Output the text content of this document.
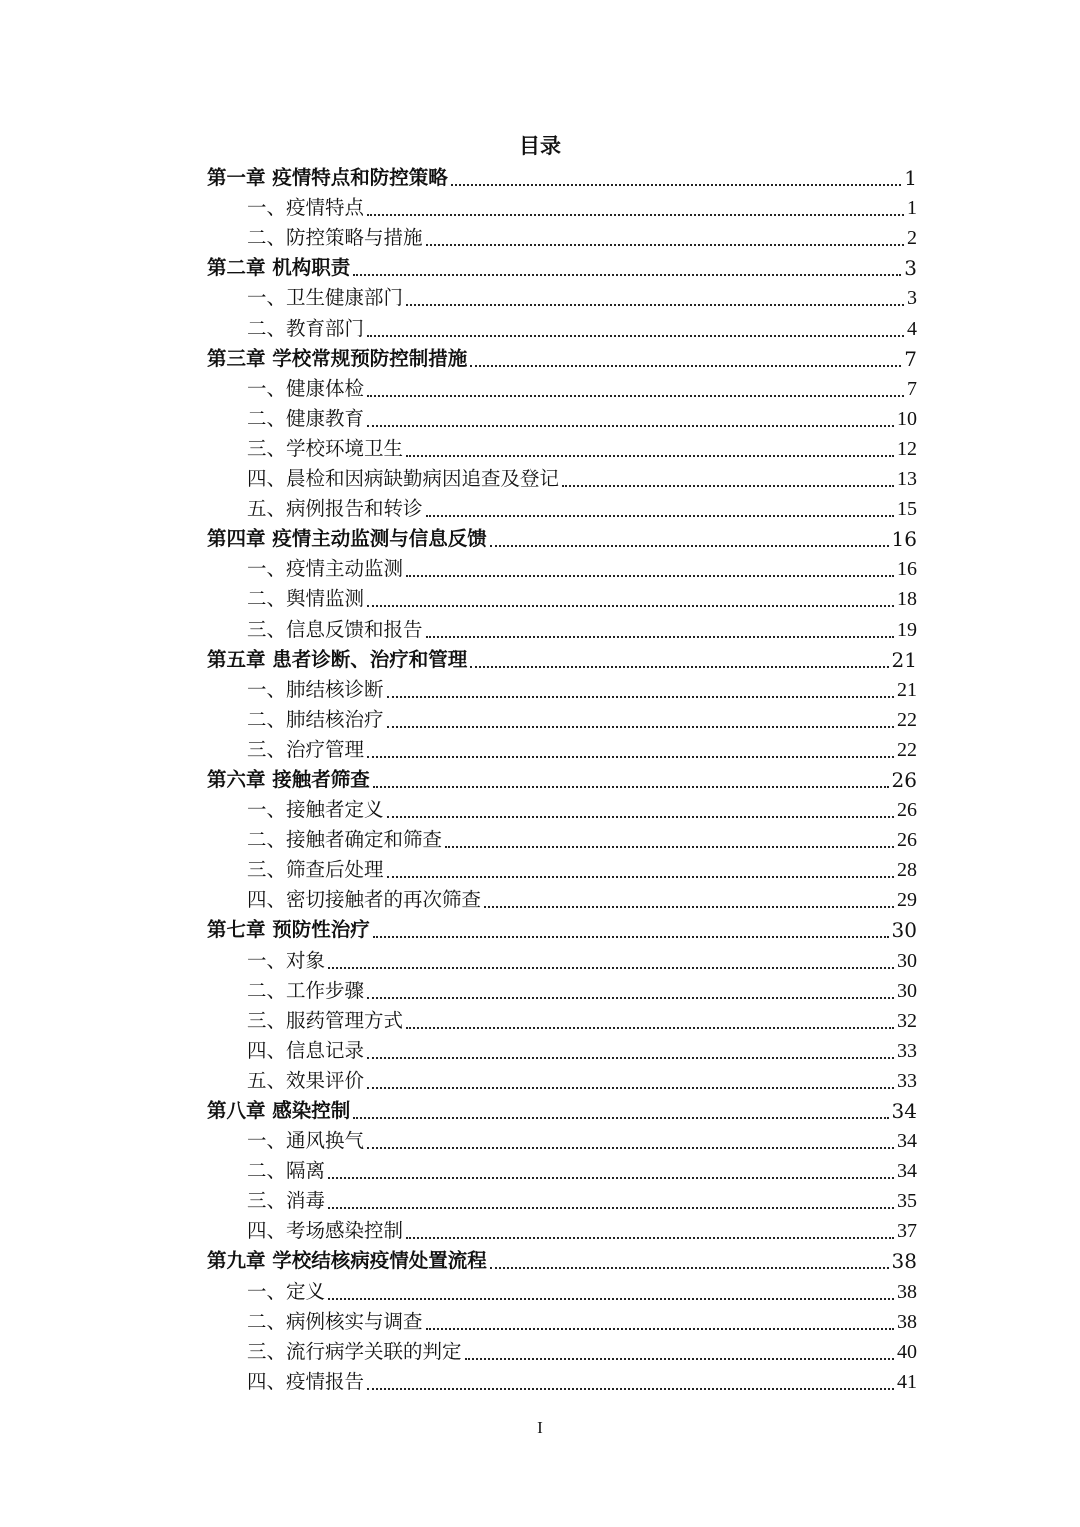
目录
第一章 疫情特点和防控策略	1
一、疫情特点	1
二、防控策略与措施	2
第二章 机构职责	3
一、卫生健康部门	3
二、教育部门	4
第三章 学校常规预防控制措施	7
一、健康体检	7
二、健康教育	10
三、学校环境卫生	12
四、晨检和因病缺勤病因追查及登记	13
五、病例报告和转诊	15
第四章 疫情主动监测与信息反馈	16
一、疫情主动监测	16
二、舆情监测	18
三、信息反馈和报告	19
第五章 患者诊断、治疗和管理	21
一、肺结核诊断	21
二、肺结核治疗	22
三、治疗管理	22
第六章 接触者筛查	26
一、接触者定义	26
二、接触者确定和筛查	26
三、筛查后处理	28
四、密切接触者的再次筛查	29
第七章 预防性治疗	30
一、对象	30
二、工作步骤	30
三、服药管理方式	32
四、信息记录	33
五、效果评价	33
第八章 感染控制	34
一、通风换气	34
二、隔离	34
三、消毒	35
四、考场感染控制	37
第九章 学校结核病疫情处置流程	38
一、定义	38
二、病例核实与调查	38
三、流行病学关联的判定	40
四、疫情报告	41
I
